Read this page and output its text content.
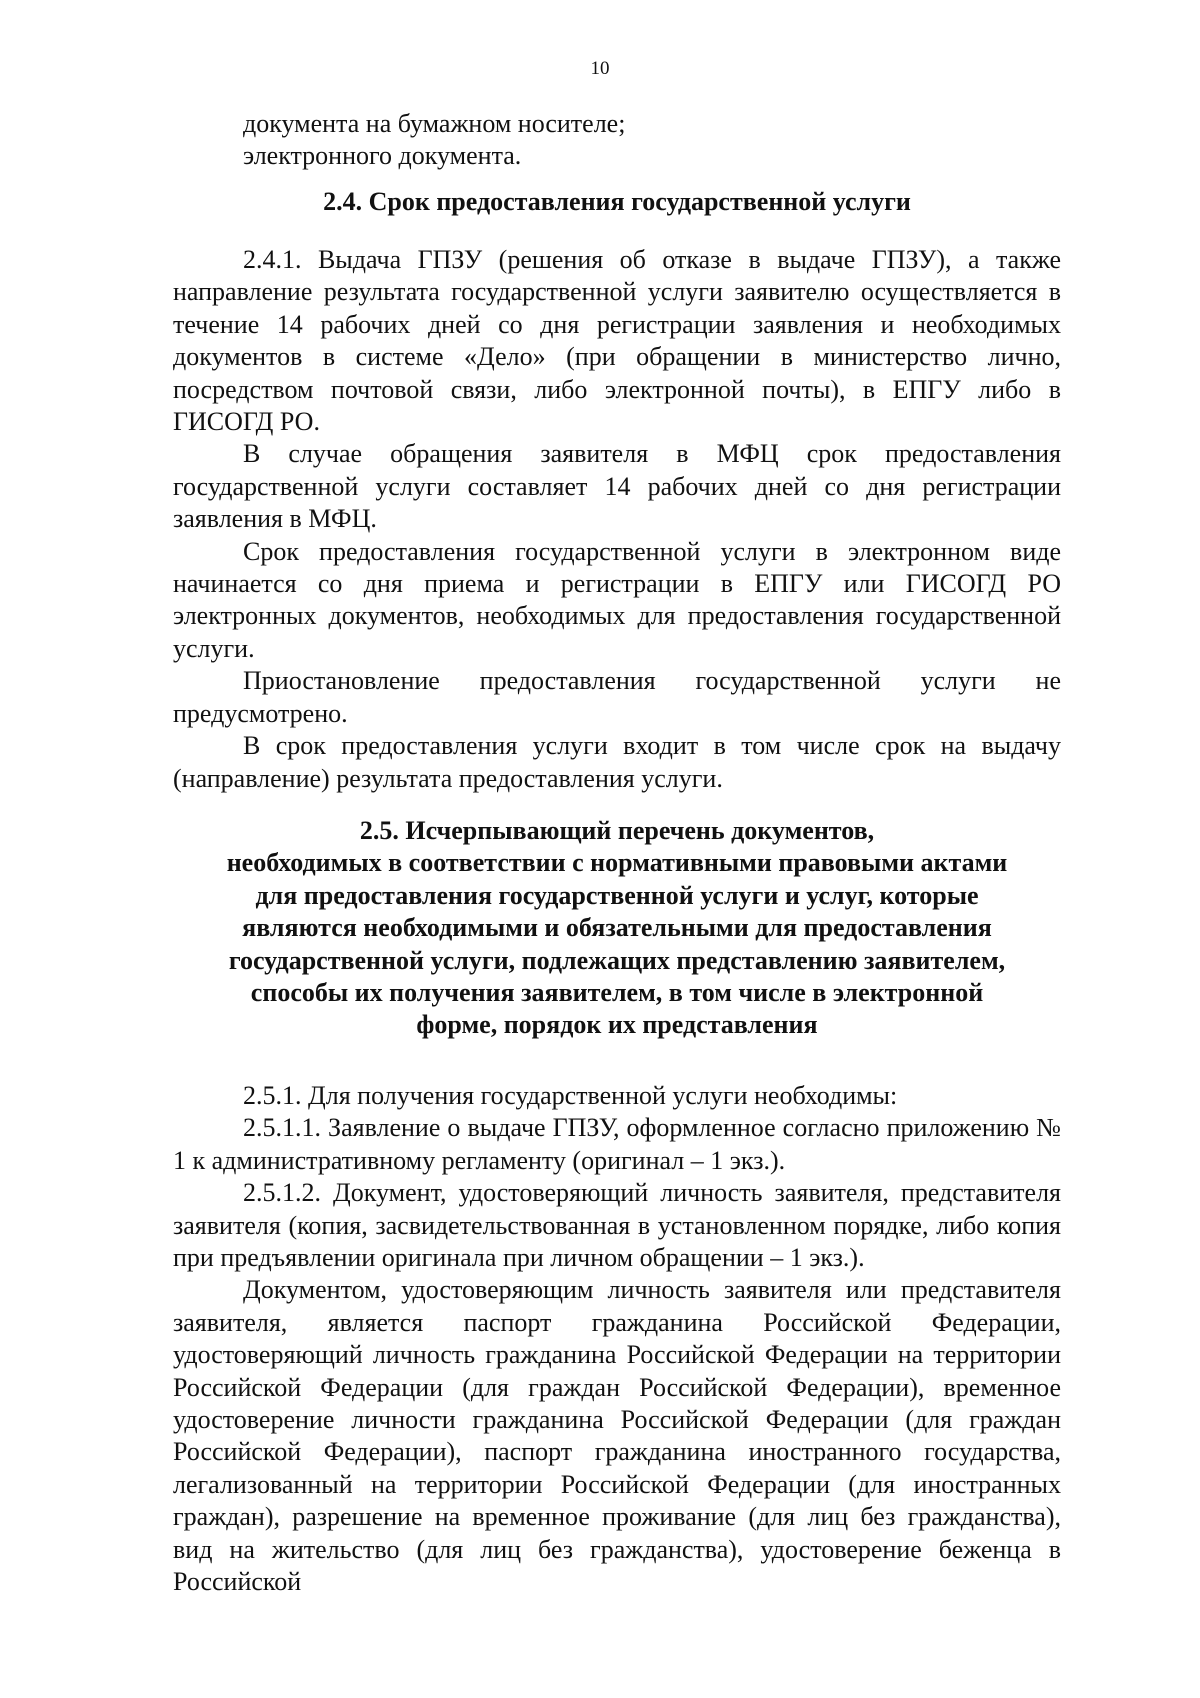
10

документа на бумажном носителе;

электронного документа.

2.4. Срок предоставления государственной услуги

2.4.1. Выдача ГПЗУ (решения об отказе в выдаче ГПЗУ), а также направление результата государственной услуги заявителю осуществляется в течение 14 рабочих дней со дня регистрации заявления и необходимых документов в системе «Дело» (при обращении в министерство лично, посредством почтовой связи, либо электронной почты), в ЕПГУ либо в ГИСОГД РО.

В случае обращения заявителя в МФЦ срок предоставления государственной услуги составляет 14 рабочих дней со дня регистрации заявления в МФЦ.

Срок предоставления государственной услуги в электронном виде начинается со дня приема и регистрации в ЕПГУ или ГИСОГД РО электронных документов, необходимых для предоставления государственной услуги.

Приостановление предоставления государственной услуги не предусмотрено.

В срок предоставления услуги входит в том числе срок на выдачу (направление) результата предоставления услуги.

2.5. Исчерпывающий перечень документов,

необходимых в соответствии с нормативными правовыми актами

для предоставления государственной услуги и услуг, которые

являются необходимыми и обязательными для предоставления

государственной услуги, подлежащих представлению заявителем,

способы их получения заявителем, в том числе в электронной

форме, порядок их представления

2.5.1. Для получения государственной услуги необходимы:

2.5.1.1. Заявление о выдаче ГПЗУ, оформленное согласно приложению № 1 к административному регламенту (оригинал – 1 экз.).

2.5.1.2. Документ, удостоверяющий личность заявителя, представителя заявителя (копия, засвидетельствованная в установленном порядке, либо копия при предъявлении оригинала при личном обращении – 1 экз.).

Документом, удостоверяющим личность заявителя или представителя заявителя, является паспорт гражданина Российской Федерации, удостоверяющий личность гражданина Российской Федерации на территории Российской Федерации (для граждан Российской Федерации), временное удостоверение личности гражданина Российской Федерации (для граждан Российской Федерации), паспорт гражданина иностранного государства, легализованный на территории Российской Федерации (для иностранных граждан), разрешение на временное проживание (для лиц без гражданства), вид на жительство (для лиц без гражданства), удостоверение беженца в Российской
